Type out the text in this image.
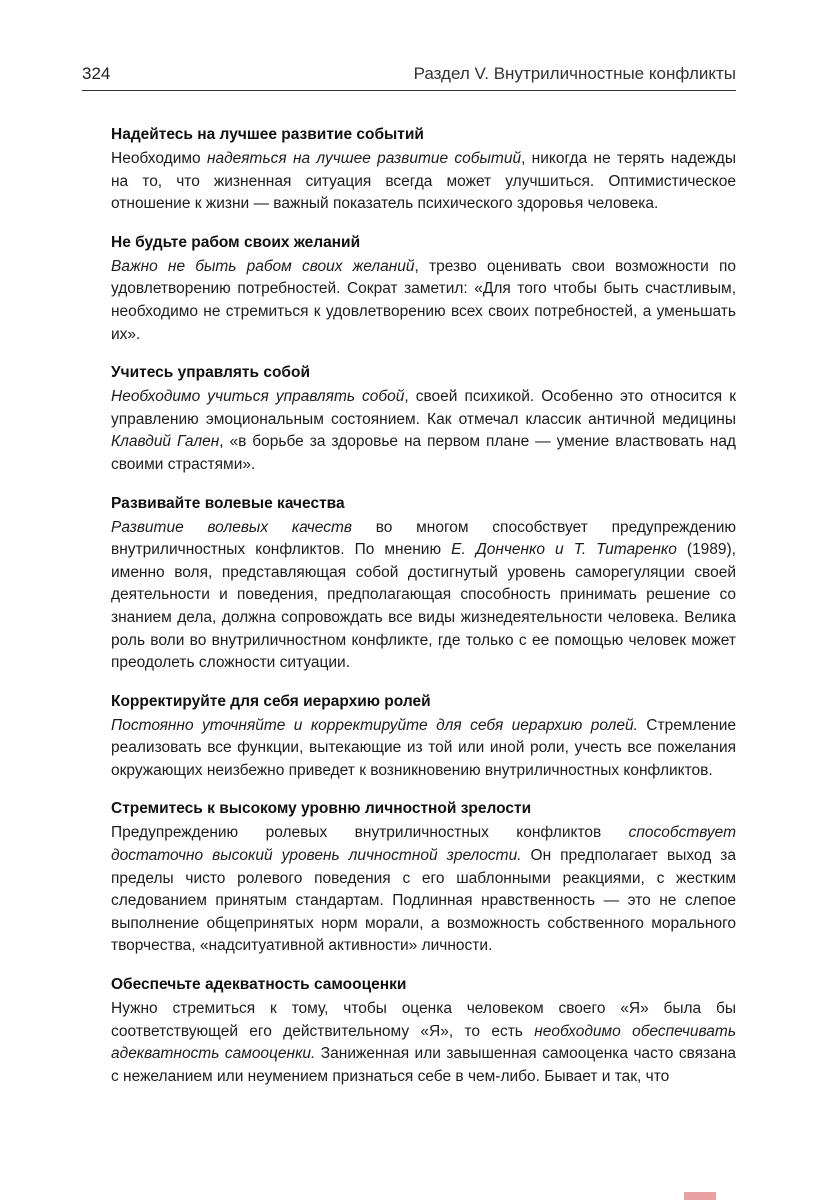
324	Раздел V. Внутриличностные конфликты
Надейтесь на лучшее развитие событий

Необходимо надеяться на лучшее развитие событий, никогда не терять надежды на то, что жизненная ситуация всегда может улучшиться. Оптимистическое отношение к жизни — важный показатель психического здоровья человека.

Не будьте рабом своих желаний

Важно не быть рабом своих желаний, трезво оценивать свои возможности по удовлетворению потребностей. Сократ заметил: «Для того чтобы быть счастливым, необходимо не стремиться к удовлетворению всех своих потребностей, а уменьшать их».

Учитесь управлять собой

Необходимо учиться управлять собой, своей психикой. Особенно это относится к управлению эмоциональным состоянием. Как отмечал классик античной медицины Клавдий Гален, «в борьбе за здоровье на первом плане — умение властвовать над своими страстями».

Развивайте волевые качества

Развитие волевых качеств во многом способствует предупреждению внутриличностных конфликтов. По мнению Е. Донченко и Т. Титаренко (1989), именно воля, представляющая собой достигнутый уровень саморегуляции своей деятельности и поведения, предполагающая способность принимать решение со знанием дела, должна сопровождать все виды жизнедеятельности человека. Велика роль воли во внутриличностном конфликте, где только с ее помощью человек может преодолеть сложности ситуации.

Корректируйте для себя иерархию ролей

Постоянно уточняйте и корректируйте для себя иерархию ролей. Стремление реализовать все функции, вытекающие из той или иной роли, учесть все пожелания окружающих неизбежно приведет к возникновению внутриличностных конфликтов.

Стремитесь к высокому уровню личностной зрелости

Предупреждению ролевых внутриличностных конфликтов способствует достаточно высокий уровень личностной зрелости. Он предполагает выход за пределы чисто ролевого поведения с его шаблонными реакциями, с жестким следованием принятым стандартам. Подлинная нравственность — это не слепое выполнение общепринятых норм морали, а возможность собственного морального творчества, «надситуативной активности» личности.

Обеспечьте адекватность самооценки

Нужно стремиться к тому, чтобы оценка человеком своего «Я» была бы соответствующей его действительному «Я», то есть необходимо обеспечивать адекватность самооценки. Заниженная или завышенная самооценка часто связана с нежеланием или неумением признаться себе в чем-либо. Бывает и так, что
